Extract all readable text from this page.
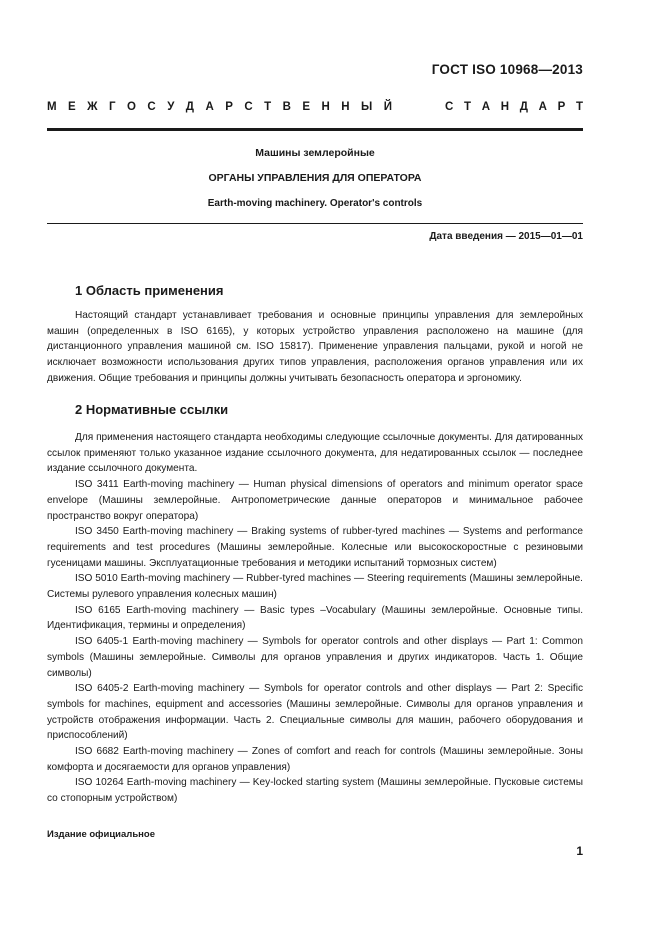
ГОСТ ISO 10968—2013
М Е Ж Г О С У Д А Р С Т В Е Н Н Ы Й	С Т А Н Д А Р Т
Машины землеройные
ОРГАНЫ УПРАВЛЕНИЯ ДЛЯ ОПЕРАТОРА
Earth-moving machinery. Operator's controls
Дата введения — 2015—01—01
1 Область применения

Настоящий стандарт устанавливает требования и основные принципы управления для землеройных машин (определенных в ISO 6165), у которых устройство управления расположено на машине (для дистанционного управления машиной см. ISO 15817). Применение управления пальцами, рукой и ногой не исключает возможности использования других типов управления, расположения органов управления или их движения. Общие требования и принципы должны учитывать безопасность оператора и эргономику.

2 Нормативные ссылки

Для применения настоящего стандарта необходимы следующие ссылочные документы. Для датированных ссылок применяют только указанное издание ссылочного документа, для недатированных ссылок — последнее издание ссылочного документа.

ISO 3411 Earth-moving machinery — Human physical dimensions of operators and minimum operator space envelope (Машины землеройные. Антропометрические данные операторов и минимальное рабочее пространство вокруг оператора)

ISO 3450 Earth-moving machinery — Braking systems of rubber-tyred machines — Systems and performance requirements and test procedures (Машины землеройные. Колесные или высокоскоростные с резиновыми гусеницами машины. Эксплуатационные требования и методики испытаний тормозных систем)

ISO 5010 Earth-moving machinery — Rubber-tyred machines — Steering requirements (Машины землеройные. Системы рулевого управления колесных машин)

ISO 6165 Earth-moving machinery — Basic types –Vocabulary (Машины землеройные. Основные типы. Идентификация, термины и определения)

ISO 6405-1 Earth-moving machinery — Symbols for operator controls and other displays — Part 1: Common symbols (Машины землеройные. Символы для органов управления и других индикаторов. Часть 1. Общие символы)

ISO 6405-2 Earth-moving machinery — Symbols for operator controls and other displays — Part 2: Specific symbols for machines, equipment and accessories (Машины землеройные. Символы для органов управления и устройств отображения информации. Часть 2. Специальные символы для машин, рабочего оборудования и приспособлений)

ISO 6682 Earth-moving machinery — Zones of comfort and reach for controls (Машины землеройные. Зоны комфорта и досягаемости для органов управления)

ISO 10264 Earth-moving machinery — Key-locked starting system (Машины землеройные. Пусковые системы со стопорным устройством)

Издание официальное
1
